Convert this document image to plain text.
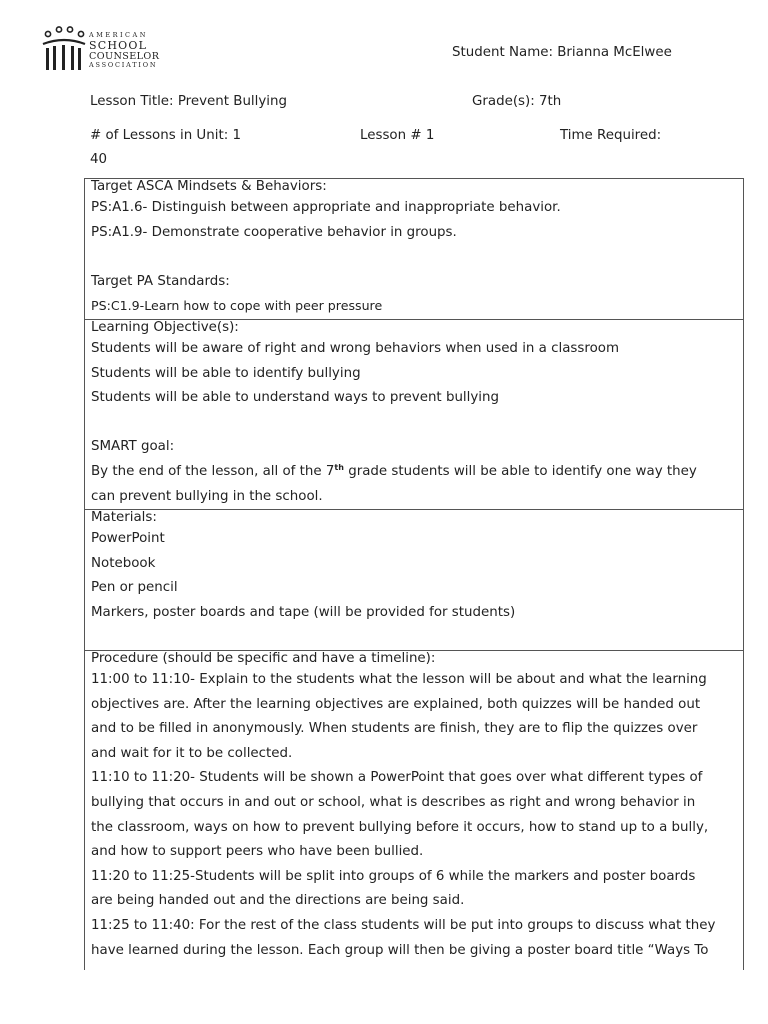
AMERICAN
SCHOOL
COUNSELOR
ASSOCIATION
Student Name: Brianna McElwee
Lesson Title: Prevent Bullying	Grade(s): 7th
# of Lessons in Unit: 1	Lesson # 1	Time Required:
40
Target ASCA Mindsets & Behaviors:
PS:A1.6- Distinguish between appropriate and inappropriate behavior.
PS:A1.9- Demonstrate cooperative behavior in groups.
Target PA Standards:
PS:C1.9-Learn how to cope with peer pressure
Learning Objective(s):
Students will be aware of right and wrong behaviors when used in a classroom
Students will be able to identify bullying
Students will be able to understand ways to prevent bullying
SMART goal:
By the end of the lesson, all of the 7th grade students will be able to identify one way they
can prevent bullying in the school.
Materials:
PowerPoint
Notebook
Pen or pencil
Markers, poster boards and tape (will be provided for students)
Procedure (should be specific and have a timeline):
11:00 to 11:10- Explain to the students what the lesson will be about and what the learning
objectives are. After the learning objectives are explained, both quizzes will be handed out
and to be filled in anonymously. When students are finish, they are to flip the quizzes over
and wait for it to be collected.
11:10 to 11:20- Students will be shown a PowerPoint that goes over what different types of
bullying that occurs in and out or school, what is describes as right and wrong behavior in
the classroom, ways on how to prevent bullying before it occurs, how to stand up to a bully,
and how to support peers who have been bullied.
11:20 to 11:25-Students will be split into groups of 6 while the markers and poster boards
are being handed out and the directions are being said.
11:25 to 11:40: For the rest of the class students will be put into groups to discuss what they
have learned during the lesson. Each group will then be giving a poster board title “Ways To
